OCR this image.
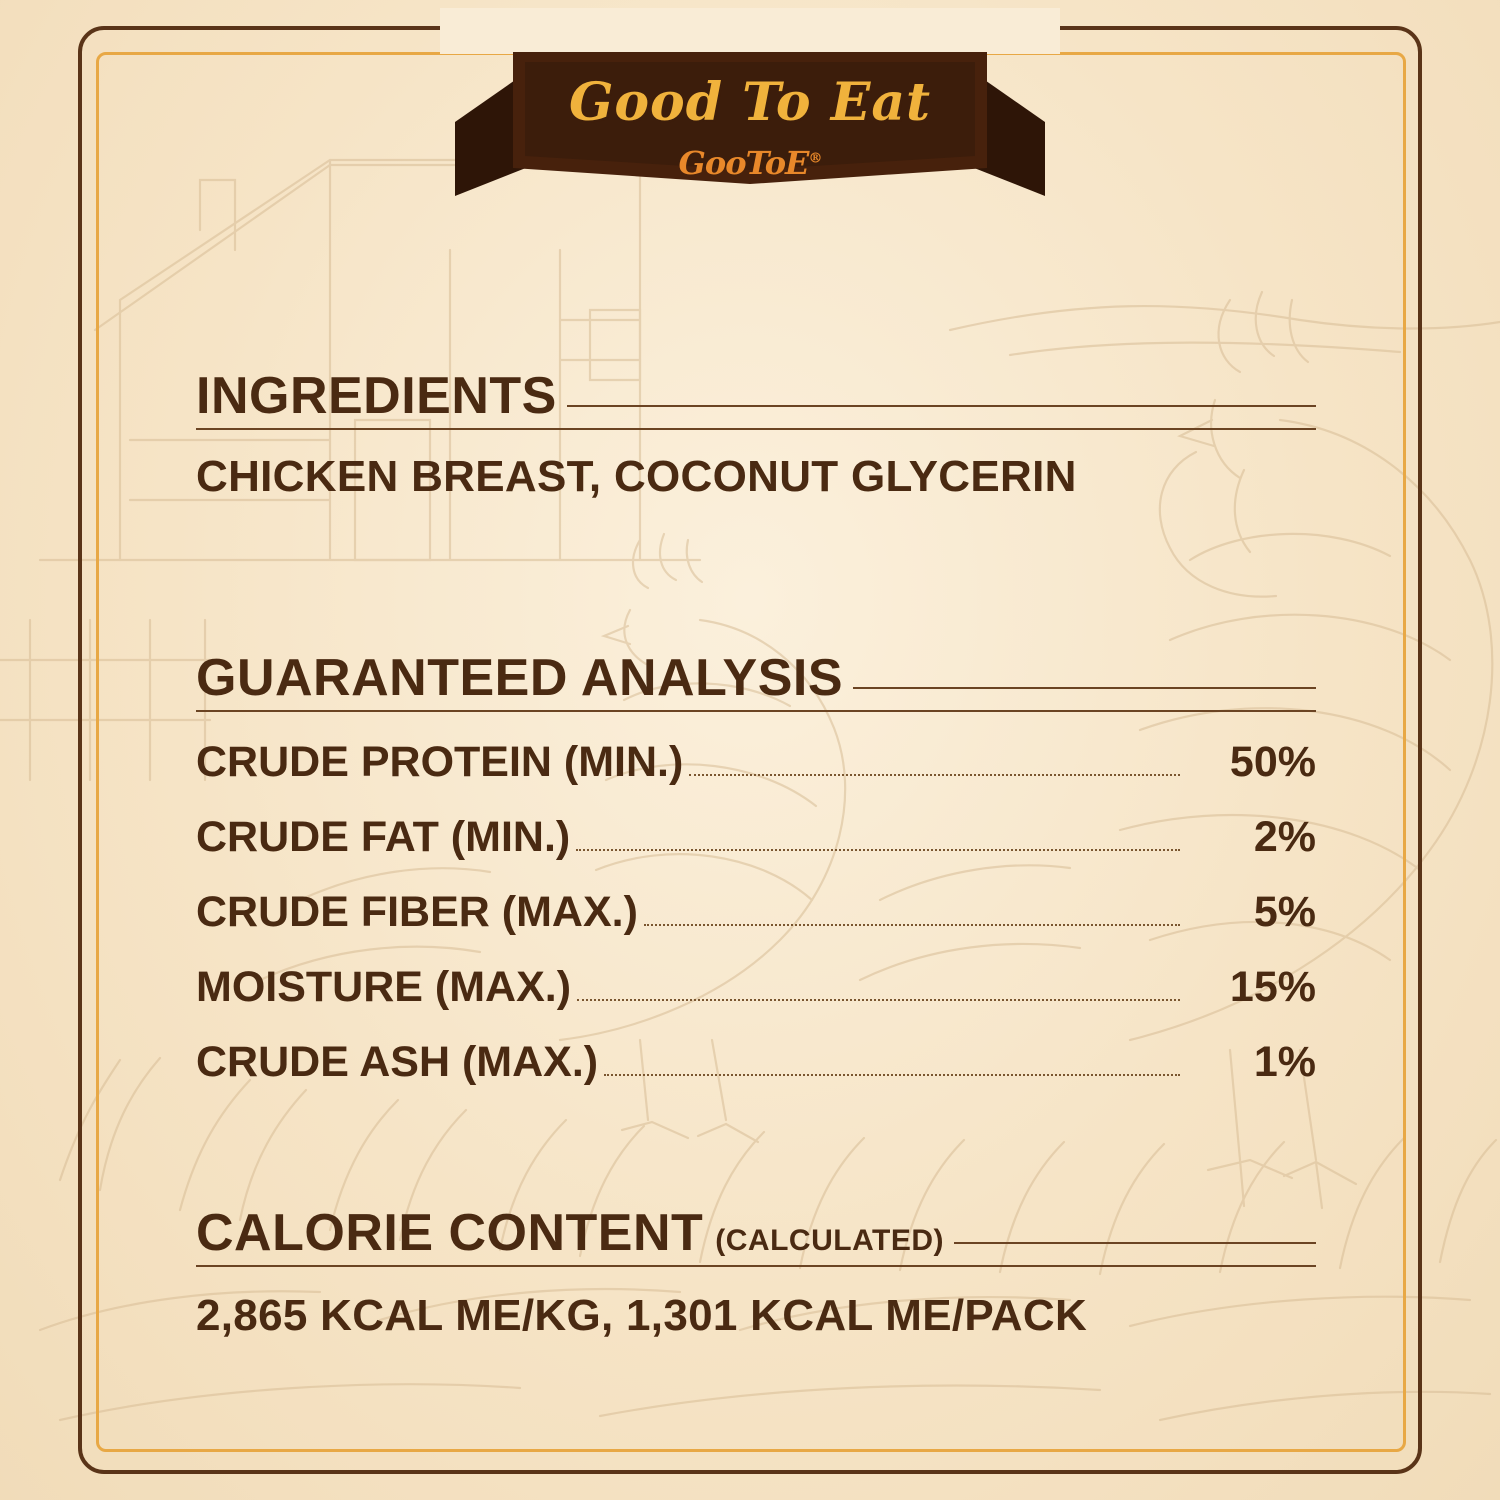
Good To Eat
GooToE®
INGREDIENTS
CHICKEN BREAST, COCONUT GLYCERIN
GUARANTEED ANALYSIS
CRUDE PROTEIN (MIN.)	50%
CRUDE FAT (MIN.)	2%
CRUDE FIBER (MAX.)	5%
MOISTURE (MAX.)	15%
CRUDE ASH (MAX.)	1%
CALORIE CONTENT (CALCULATED)
2,865 KCAL ME/KG, 1,301 KCAL ME/PACK
